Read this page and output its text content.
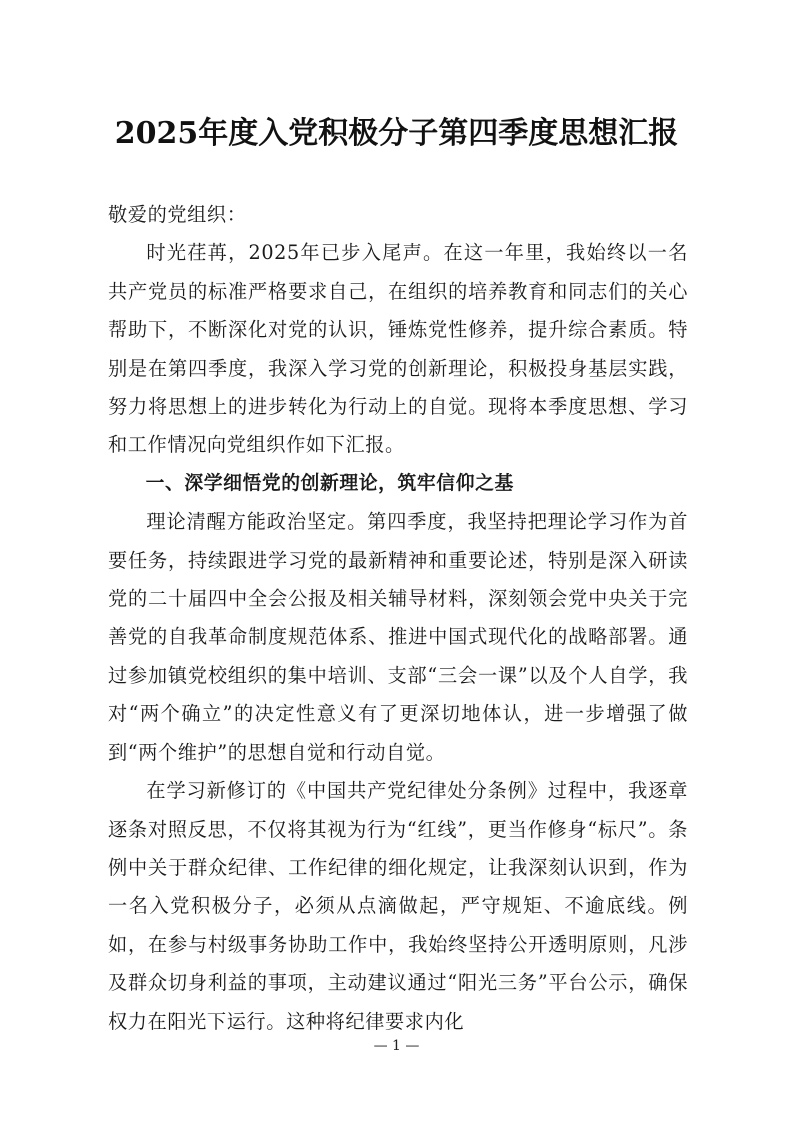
2025年度入党积极分子第四季度思想汇报

敬爱的党组织：

时光荏苒，2025年已步入尾声。在这一年里，我始终以一名共产党员的标准严格要求自己，在组织的培养教育和同志们的关心帮助下，不断深化对党的认识，锤炼党性修养，提升综合素质。特别是在第四季度，我深入学习党的创新理论，积极投身基层实践，努力将思想上的进步转化为行动上的自觉。现将本季度思想、学习和工作情况向党组织作如下汇报。

一、深学细悟党的创新理论，筑牢信仰之基

理论清醒方能政治坚定。第四季度，我坚持把理论学习作为首要任务，持续跟进学习党的最新精神和重要论述，特别是深入研读党的二十届四中全会公报及相关辅导材料，深刻领会党中央关于完善党的自我革命制度规范体系、推进中国式现代化的战略部署。通过参加镇党校组织的集中培训、支部“三会一课”以及个人自学，我对“两个确立”的决定性意义有了更深切地体认，进一步增强了做到“两个维护”的思想自觉和行动自觉。

在学习新修订的《中国共产党纪律处分条例》过程中，我逐章逐条对照反思，不仅将其视为行为“红线”，更当作修身“标尺”。条例中关于群众纪律、工作纪律的细化规定，让我深刻认识到，作为一名入党积极分子，必须从点滴做起，严守规矩、不逾底线。例如，在参与村级事务协助工作中，我始终坚持公开透明原则，凡涉及群众切身利益的事项，主动建议通过“阳光三务”平台公示，确保权力在阳光下运行。这种将纪律要求内化

— 1 —
